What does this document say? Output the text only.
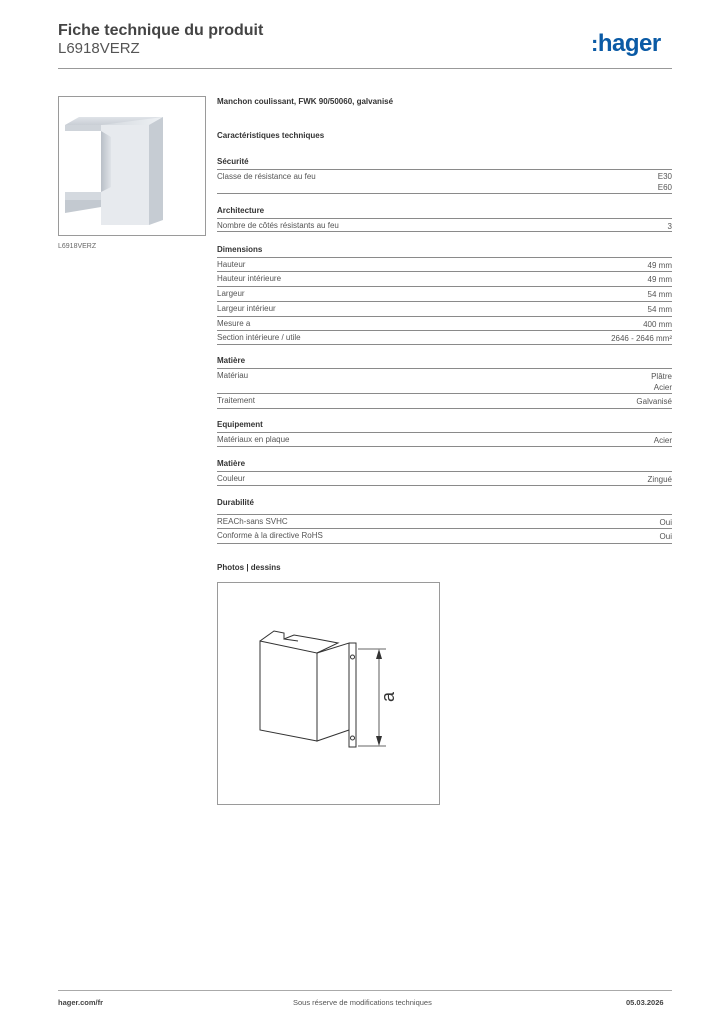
Fiche technique du produit
L6918VERZ	:hager
L6918VERZ
Manchon coulissant, FWK 90/50060, galvanisé
Caractéristiques techniques
Sécurité
Classe de résistance au feu	E30
E60
Architecture
Nombre de côtés résistants au feu	3
Dimensions
Hauteur	49 mm
Hauteur intérieure	49 mm
Largeur	54 mm
Largeur intérieur	54 mm
Mesure a	400 mm
Section intérieure / utile	2646 - 2646 mm²
Matière
Matériau	Plâtre
Acier
Traitement	Galvanisé
Equipement
Matériaux en plaque	Acier
Matière
Couleur	Zingué
Durabilité
REACh-sans SVHC	Oui
Conforme à la directive RoHS	Oui
Photos | dessins
a
hager.com/fr	Sous réserve de modifications techniques	05.03.2026
